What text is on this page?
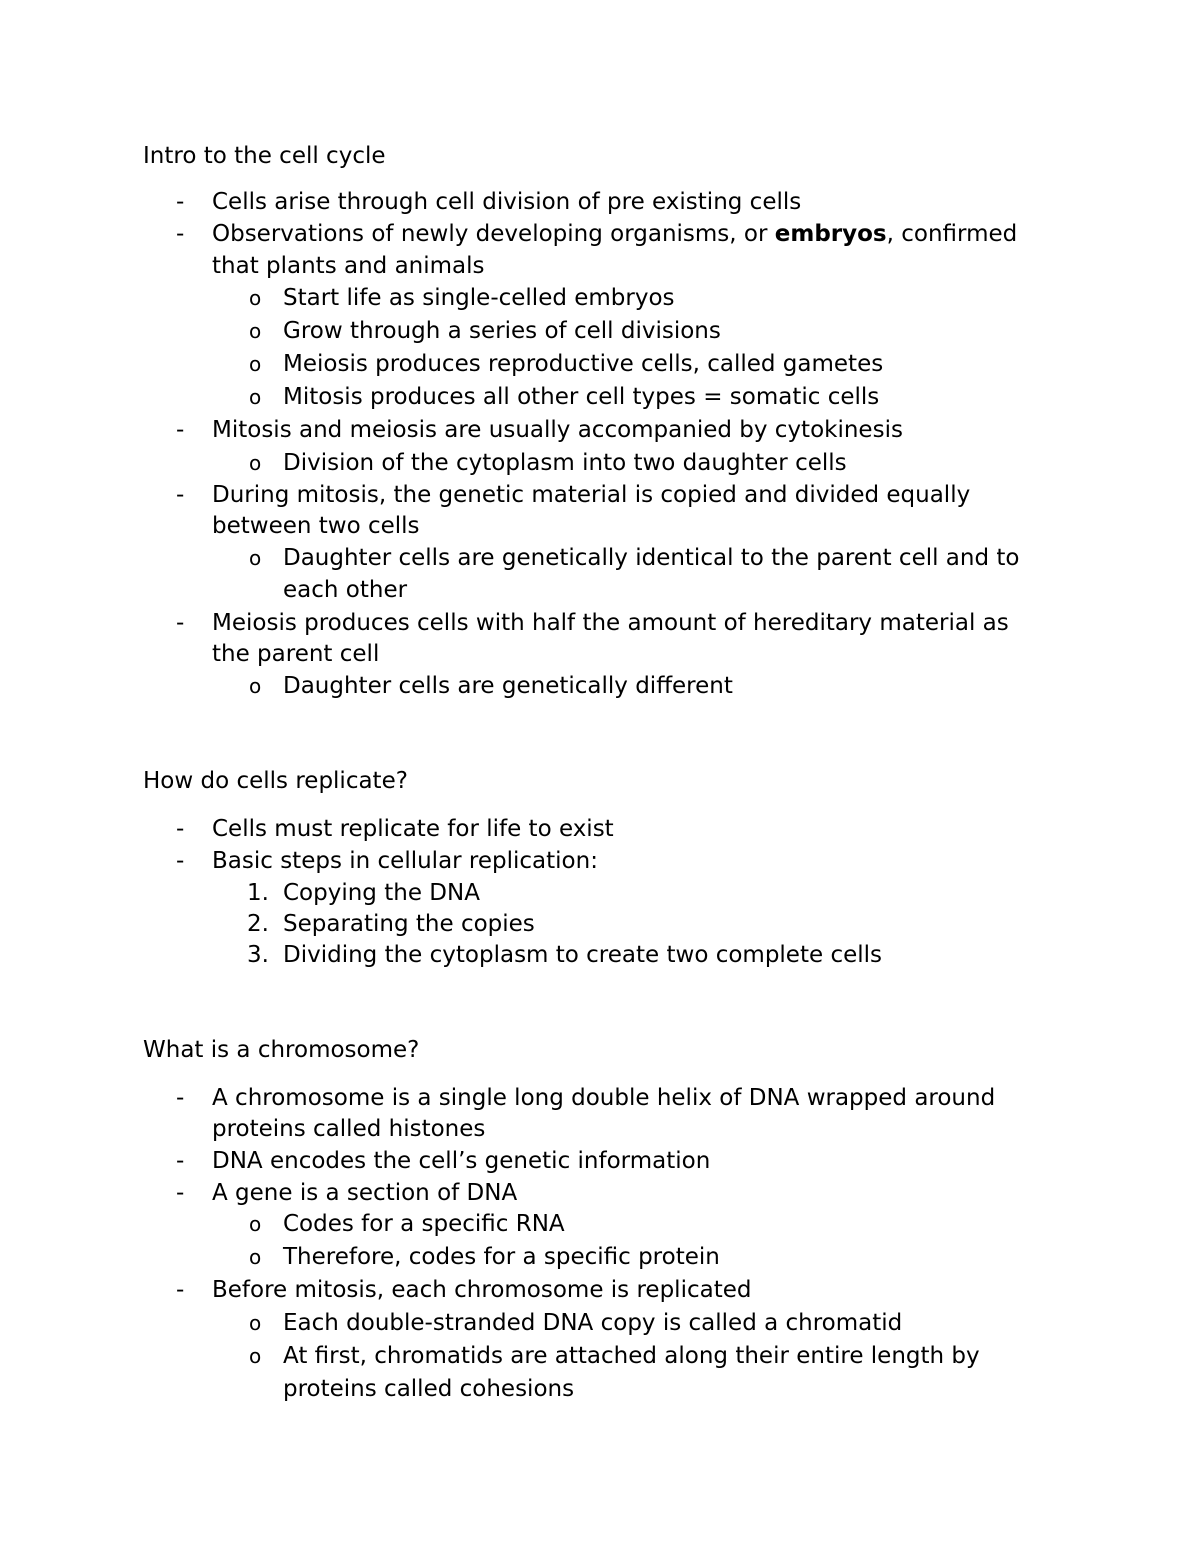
Intro to the cell cycle
- Cells arise through cell division of pre existing cells
- Observations of newly developing organisms, or embryos, confirmed
that plants and animals
o Start life as single-celled embryos
o Grow through a series of cell divisions
o Meiosis produces reproductive cells, called gametes
o Mitosis produces all other cell types = somatic cells
- Mitosis and meiosis are usually accompanied by cytokinesis
o Division of the cytoplasm into two daughter cells
- During mitosis, the genetic material is copied and divided equally
between two cells
o Daughter cells are genetically identical to the parent cell and to
each other
- Meiosis produces cells with half the amount of hereditary material as
the parent cell
o Daughter cells are genetically different
How do cells replicate?
- Cells must replicate for life to exist
- Basic steps in cellular replication:
1. Copying the DNA
2. Separating the copies
3. Dividing the cytoplasm to create two complete cells
What is a chromosome?
- A chromosome is a single long double helix of DNA wrapped around
proteins called histones
- DNA encodes the cell’s genetic information
- A gene is a section of DNA
o Codes for a specific RNA
o Therefore, codes for a specific protein
- Before mitosis, each chromosome is replicated
o Each double-stranded DNA copy is called a chromatid
o At first, chromatids are attached along their entire length by
proteins called cohesions
